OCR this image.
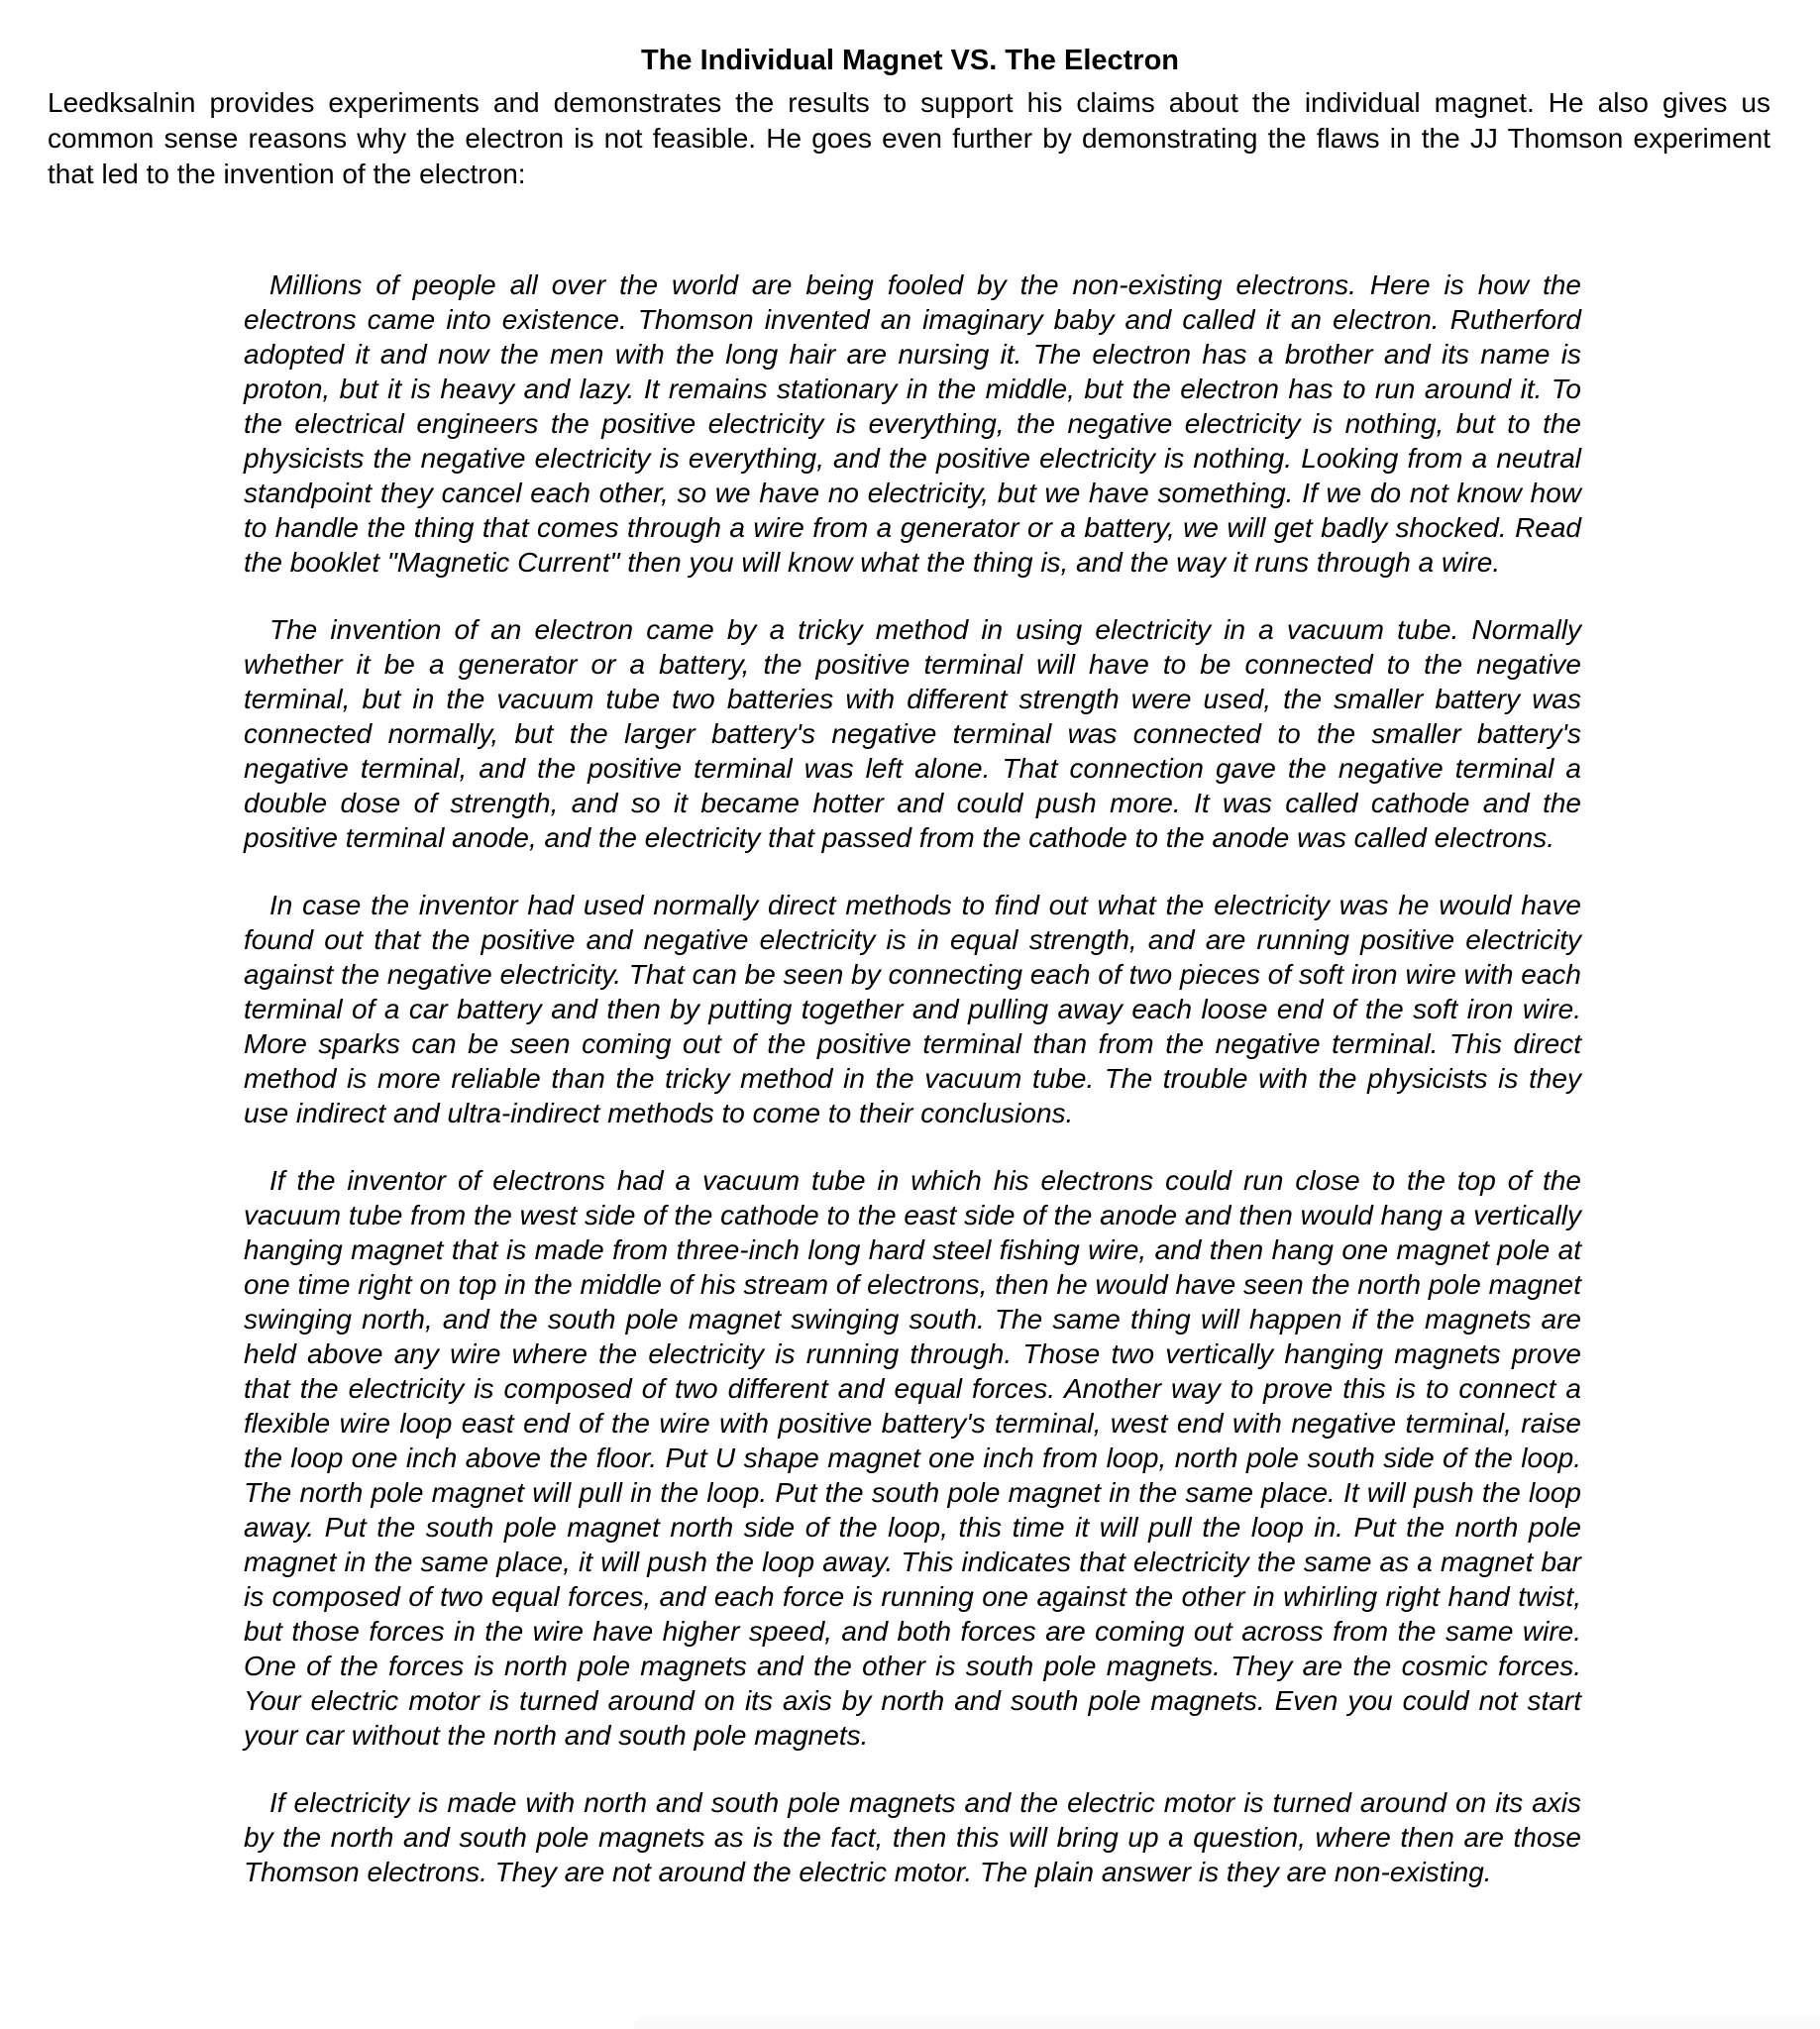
The Individual Magnet VS. The Electron

Leedksalnin provides experiments and demonstrates the results to support his claims about the individual magnet. He also gives us common sense reasons why the electron is not feasible. He goes even further by demonstrating the flaws in the JJ Thomson experiment that led to the invention of the electron:

Millions of people all over the world are being fooled by the non-existing electrons. Here is how the electrons came into existence. Thomson invented an imaginary baby and called it an electron. Rutherford adopted it and now the men with the long hair are nursing it. The electron has a brother and its name is proton, but it is heavy and lazy. It remains stationary in the middle, but the electron has to run around it. To the electrical engineers the positive electricity is everything, the negative electricity is nothing, but to the physicists the negative electricity is everything, and the positive electricity is nothing. Looking from a neutral standpoint they cancel each other, so we have no electricity, but we have something. If we do not know how to handle the thing that comes through a wire from a generator or a battery, we will get badly shocked. Read the booklet "Magnetic Current" then you will know what the thing is, and the way it runs through a wire.

The invention of an electron came by a tricky method in using electricity in a vacuum tube. Normally whether it be a generator or a battery, the positive terminal will have to be connected to the negative terminal, but in the vacuum tube two batteries with different strength were used, the smaller battery was connected normally, but the larger battery's negative terminal was connected to the smaller battery's negative terminal, and the positive terminal was left alone. That connection gave the negative terminal a double dose of strength, and so it became hotter and could push more. It was called cathode and the positive terminal anode, and the electricity that passed from the cathode to the anode was called electrons.

In case the inventor had used normally direct methods to find out what the electricity was he would have found out that the positive and negative electricity is in equal strength, and are running positive electricity against the negative electricity. That can be seen by connecting each of two pieces of soft iron wire with each terminal of a car battery and then by putting together and pulling away each loose end of the soft iron wire. More sparks can be seen coming out of the positive terminal than from the negative terminal. This direct method is more reliable than the tricky method in the vacuum tube. The trouble with the physicists is they use indirect and ultra-indirect methods to come to their conclusions.

If the inventor of electrons had a vacuum tube in which his electrons could run close to the top of the vacuum tube from the west side of the cathode to the east side of the anode and then would hang a vertically hanging magnet that is made from three-inch long hard steel fishing wire, and then hang one magnet pole at one time right on top in the middle of his stream of electrons, then he would have seen the north pole magnet swinging north, and the south pole magnet swinging south. The same thing will happen if the magnets are held above any wire where the electricity is running through. Those two vertically hanging magnets prove that the electricity is composed of two different and equal forces. Another way to prove this is to connect a flexible wire loop east end of the wire with positive battery's terminal, west end with negative terminal, raise the loop one inch above the floor. Put U shape magnet one inch from loop, north pole south side of the loop. The north pole magnet will pull in the loop. Put the south pole magnet in the same place. It will push the loop away. Put the south pole magnet north side of the loop, this time it will pull the loop in. Put the north pole magnet in the same place, it will push the loop away. This indicates that electricity the same as a magnet bar is composed of two equal forces, and each force is running one against the other in whirling right hand twist, but those forces in the wire have higher speed, and both forces are coming out across from the same wire. One of the forces is north pole magnets and the other is south pole magnets. They are the cosmic forces. Your electric motor is turned around on its axis by north and south pole magnets. Even you could not start your car without the north and south pole magnets.

If electricity is made with north and south pole magnets and the electric motor is turned around on its axis by the north and south pole magnets as is the fact, then this will bring up a question, where then are those Thomson electrons. They are not around the electric motor. The plain answer is they are non-existing.
